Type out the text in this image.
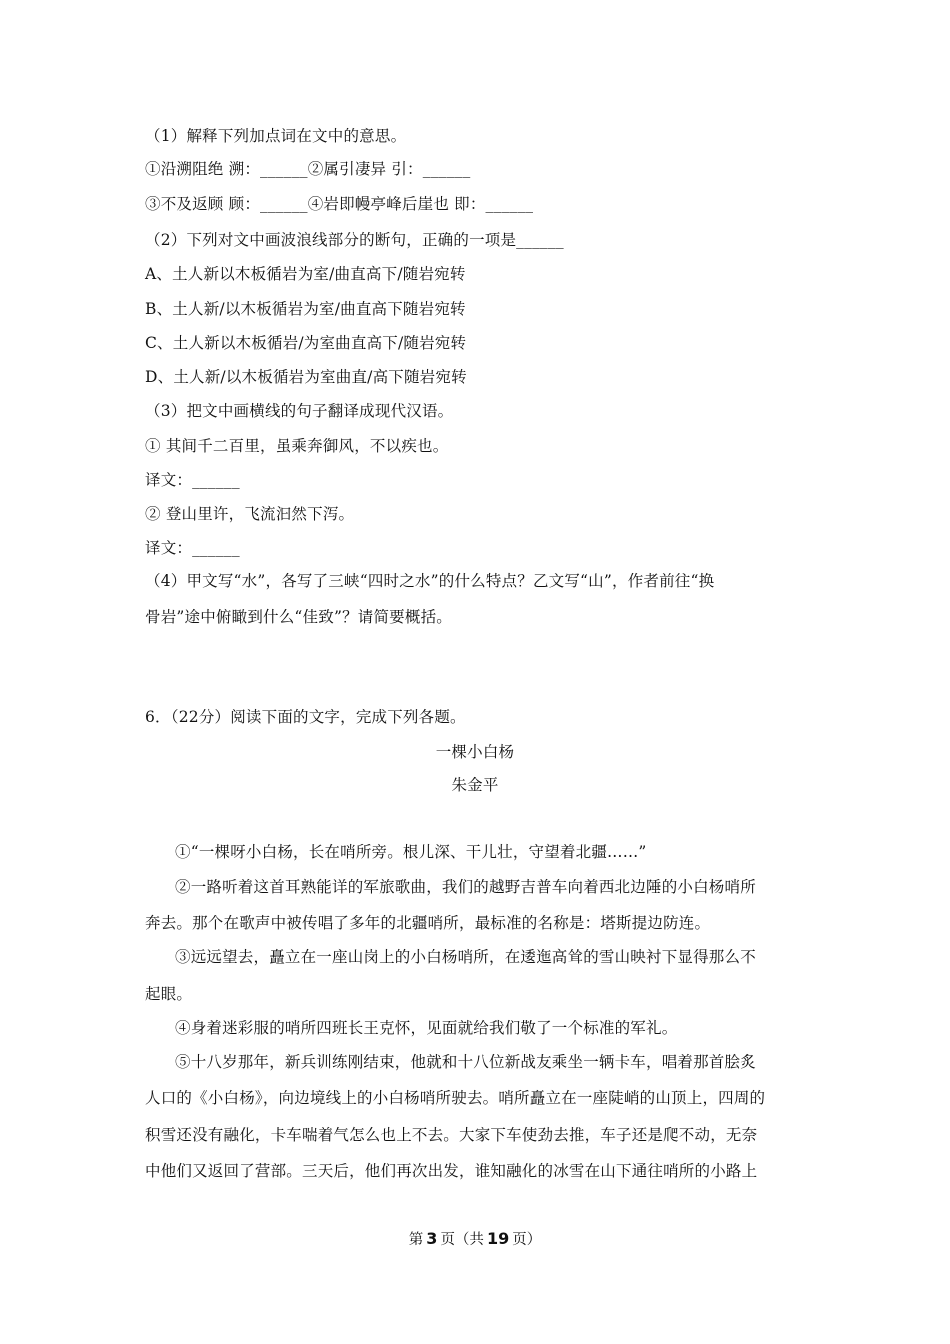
（1）解释下列加点词在文中的意思。
①沿溯阻绝 溯：______②属引凄异 引：______
③不及返顾 顾：______④岩即幔亭峰后崖也 即：______
（2）下列对文中画波浪线部分的断句，正确的一项是______
A、土人新以木板循岩为室/曲直高下/随岩宛转
B、土人新/以木板循岩为室/曲直高下随岩宛转
C、土人新以木板循岩/为室曲直高下/随岩宛转
D、土人新/以木板循岩为室曲直/高下随岩宛转
（3）把文中画横线的句子翻译成现代汉语。
① 其间千二百里，虽乘奔御风，不以疾也。
译文：______
② 登山里许，飞流汩然下泻。
译文：______
（4）甲文写“水”，各写了三峡“四时之水”的什么特点？乙文写“山”，作者前往“换
骨岩”途中俯瞰到什么“佳致”？请简要概括。
6．（22分）阅读下面的文字，完成下列各题。
一棵小白杨
朱金平
①“一棵呀小白杨，长在哨所旁。根儿深、干儿壮，守望着北疆……”
②一路听着这首耳熟能详的军旅歌曲，我们的越野吉普车向着西北边陲的小白杨哨所
奔去。那个在歌声中被传唱了多年的北疆哨所，最标准的名称是：塔斯提边防连。
③远远望去，矗立在一座山岗上的小白杨哨所，在逶迤高耸的雪山映衬下显得那么不
起眼。
④身着迷彩服的哨所四班长王克怀，见面就给我们敬了一个标准的军礼。
⑤十八岁那年，新兵训练刚结束，他就和十八位新战友乘坐一辆卡车，唱着那首脍炙
人口的《小白杨》，向边境线上的小白杨哨所驶去。哨所矗立在一座陡峭的山顶上，四周的
积雪还没有融化，卡车喘着气怎么也上不去。大家下车使劲去推，车子还是爬不动，无奈
中他们又返回了营部。三天后，他们再次出发，谁知融化的冰雪在山下通往哨所的小路上
第 3 页（共 19 页）
